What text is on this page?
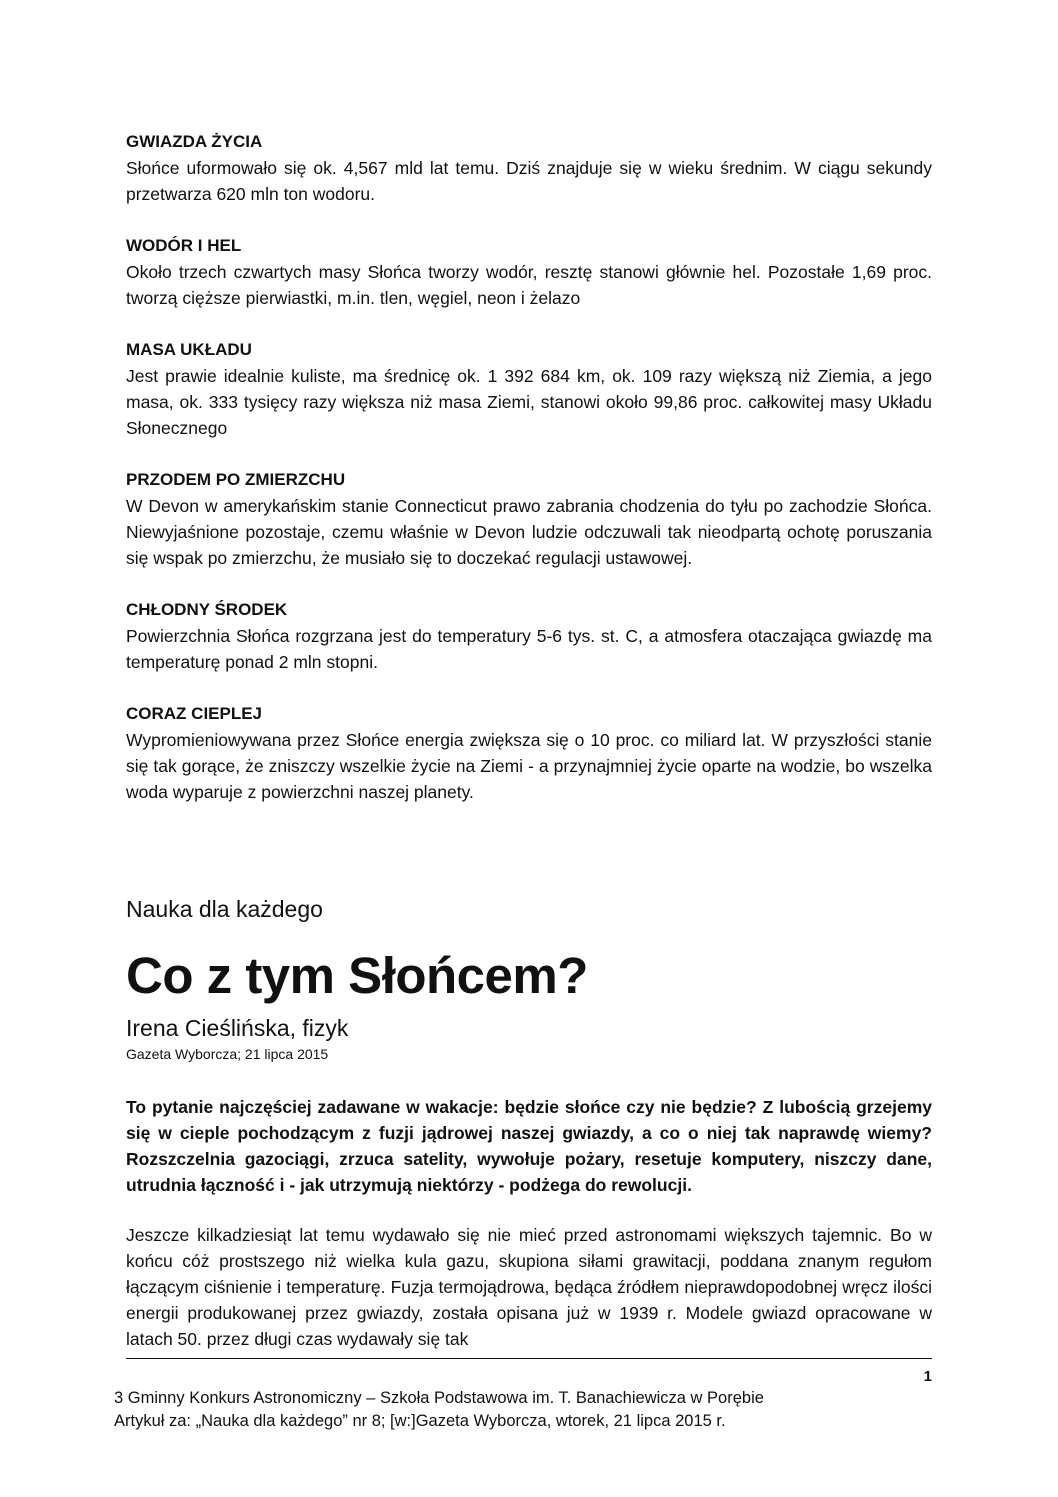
GWIAZDA ŻYCIA

Słońce uformowało się ok. 4,567 mld lat temu. Dziś znajduje się w wieku średnim. W ciągu sekundy przetwarza 620 mln ton wodoru.

WODÓR I HEL

Około trzech czwartych masy Słońca tworzy wodór, resztę stanowi głównie hel. Pozostałe 1,69 proc. tworzą cięższe pierwiastki, m.in. tlen, węgiel, neon i żelazo

MASA UKŁADU

Jest prawie idealnie kuliste, ma średnicę ok. 1 392 684 km, ok. 109 razy większą niż Ziemia, a jego masa, ok. 333 tysięcy razy większa niż masa Ziemi, stanowi około 99,86 proc. całkowitej masy Układu Słonecznego

PRZODEM PO ZMIERZCHU

W Devon w amerykańskim stanie Connecticut prawo zabrania chodzenia do tyłu po zachodzie Słońca. Niewyjaśnione pozostaje, czemu właśnie w Devon ludzie odczuwali tak nieodpartą ochotę poruszania się wspak po zmierzchu, że musiało się to doczekać regulacji ustawowej.

CHŁODNY ŚRODEK

Powierzchnia Słońca rozgrzana jest do temperatury 5-6 tys. st. C, a atmosfera otaczająca gwiazdę ma temperaturę ponad 2 mln stopni.

CORAZ CIEPLEJ

Wypromieniowywana przez Słońce energia zwiększa się o 10 proc. co miliard lat. W przyszłości stanie się tak gorące, że zniszczy wszelkie życie na Ziemi - a przynajmniej życie oparte na wodzie, bo wszelka woda wyparuje z powierzchni naszej planety.

Nauka dla każdego
Co z tym Słońcem?

Irena Cieślińska, fizyk

Gazeta Wyborcza; 21 lipca 2015

To pytanie najczęściej zadawane w wakacje: będzie słońce czy nie będzie? Z lubością grzejemy się w cieple pochodzącym z fuzji jądrowej naszej gwiazdy, a co o niej tak naprawdę wiemy? Rozszczelnia gazociągi, zrzuca satelity, wywołuje pożary, resetuje komputery, niszczy dane, utrudnia łączność i - jak utrzymują niektórzy - podżega do rewolucji.

Jeszcze kilkadziesiąt lat temu wydawało się nie mieć przed astronomami większych tajemnic. Bo w końcu cóż prostszego niż wielka kula gazu, skupiona siłami grawitacji, poddana znanym regułom łączącym ciśnienie i temperaturę. Fuzja termojądrowa, będąca źródłem nieprawdopodobnej wręcz ilości energii produkowanej przez gwiazdy, została opisana już w 1939 r. Modele gwiazd opracowane w latach 50. przez długi czas wydawały się tak

1

3 Gminny Konkurs Astronomiczny – Szkoła Podstawowa im. T. Banachiewicza w Porębie

Artykuł za: „Nauka dla każdego” nr 8; [w:]Gazeta Wyborcza, wtorek, 21 lipca 2015 r.
